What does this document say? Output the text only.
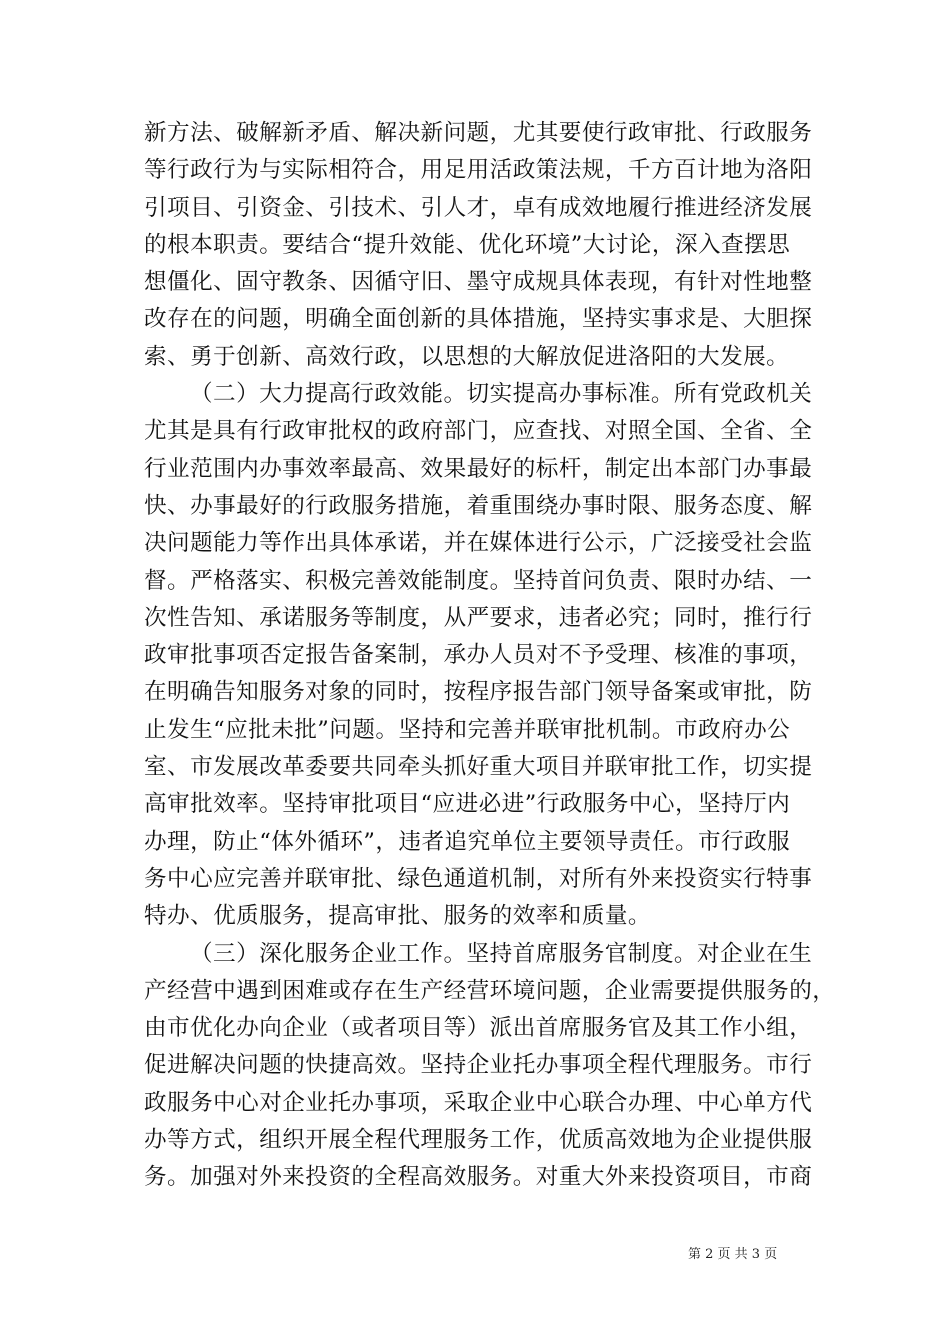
新方法、破解新矛盾、解决新问题，尤其要使行政审批、行政服务
等行政行为与实际相符合，用足用活政策法规，千方百计地为洛阳
引项目、引资金、引技术、引人才，卓有成效地履行推进经济发展
的根本职责。要结合“提升效能、优化环境”大讨论，深入查摆思
想僵化、固守教条、因循守旧、墨守成规具体表现，有针对性地整
改存在的问题，明确全面创新的具体措施，坚持实事求是、大胆探
索、勇于创新、高效行政，以思想的大解放促进洛阳的大发展。
（二）大力提高行政效能。切实提高办事标准。所有党政机关
尤其是具有行政审批权的政府部门，应查找、对照全国、全省、全
行业范围内办事效率最高、效果最好的标杆，制定出本部门办事最
快、办事最好的行政服务措施，着重围绕办事时限、服务态度、解
决问题能力等作出具体承诺，并在媒体进行公示，广泛接受社会监
督。严格落实、积极完善效能制度。坚持首问负责、限时办结、一
次性告知、承诺服务等制度，从严要求，违者必究；同时，推行行
政审批事项否定报告备案制，承办人员对不予受理、核准的事项，
在明确告知服务对象的同时，按程序报告部门领导备案或审批，防
止发生“应批未批”问题。坚持和完善并联审批机制。市政府办公
室、市发展改革委要共同牵头抓好重大项目并联审批工作，切实提
高审批效率。坚持审批项目“应进必进”行政服务中心，坚持厅内
办理，防止“体外循环”，违者追究单位主要领导责任。市行政服
务中心应完善并联审批、绿色通道机制，对所有外来投资实行特事
特办、优质服务，提高审批、服务的效率和质量。
（三）深化服务企业工作。坚持首席服务官制度。对企业在生
产经营中遇到困难或存在生产经营环境问题，企业需要提供服务的，
由市优化办向企业（或者项目等）派出首席服务官及其工作小组，
促进解决问题的快捷高效。坚持企业托办事项全程代理服务。市行
政服务中心对企业托办事项，采取企业中心联合办理、中心单方代
办等方式，组织开展全程代理服务工作，优质高效地为企业提供服
务。加强对外来投资的全程高效服务。对重大外来投资项目，市商
第 2 页 共 3 页
